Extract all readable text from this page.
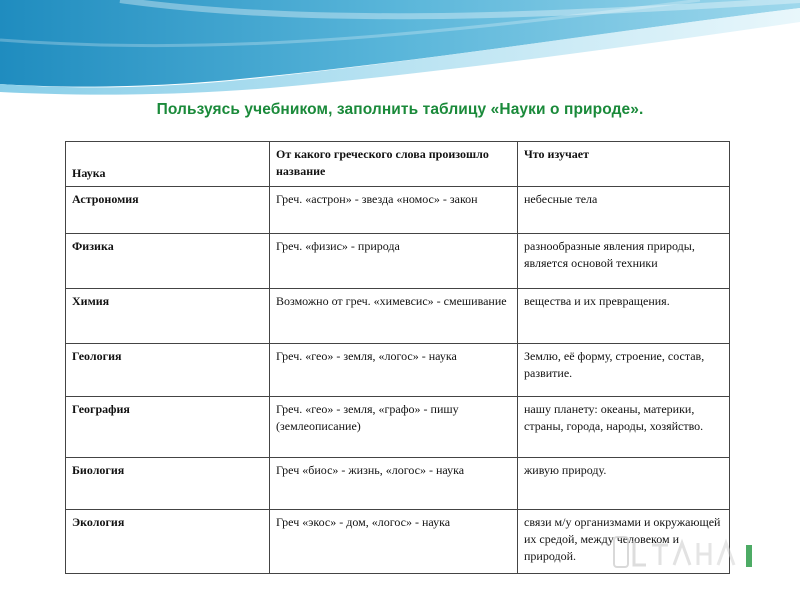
Пользуясь учебником, заполнить таблицу «Науки о природе».
Наука	От какого греческого слова произошло название	Что изучает
Астрономия	Греч. «астрон» - звезда «номос» - закон	небесные тела
Физика	Греч. «физис» - природа	разнообразные явления природы, является основой техники
Химия	Возможно от греч. «химевсис» - смешивание	вещества и их превращения.
Геология	Греч. «гео» - земля, «логос» - наука	Землю, её форму, строение, состав, развитие.
География	Греч. «гео» - земля, «графо» - пишу (землеописание)	нашу планету: океаны, материки, страны, города, народы, хозяйство.
Биология	Греч «биос» - жизнь, «логос» - наука	живую природу.
Экология	Греч «экос» - дом, «логос» - наука	связи м/у организмами и окружающей их средой, между человеком и природой.
